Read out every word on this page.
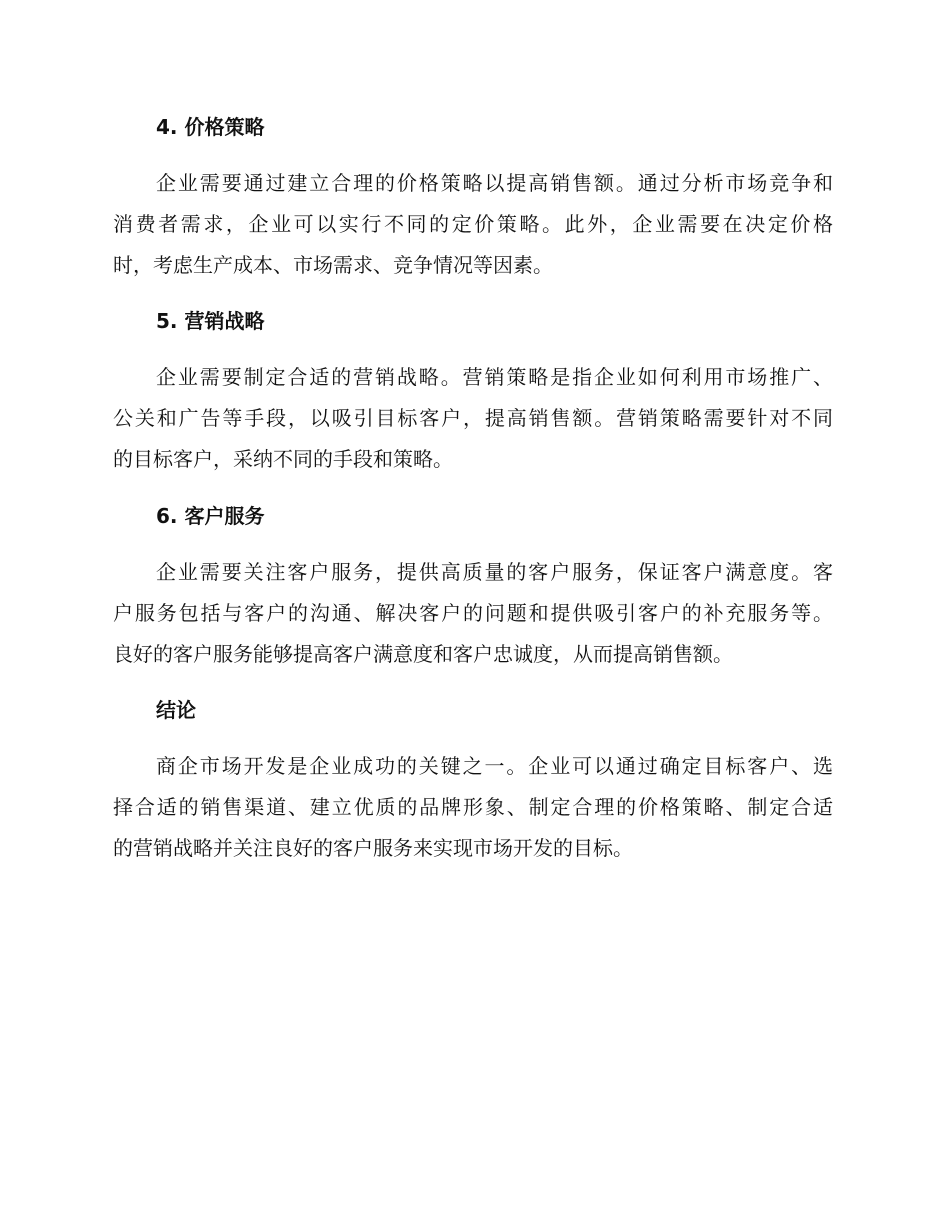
4. 价格策略

企业需要通过建立合理的价格策略以提高销售额。通过分析市场竞争和
消费者需求，企业可以实行不同的定价策略。此外，企业需要在决定价格
时，考虑生产成本、市场需求、竞争情况等因素。

5. 营销战略

企业需要制定合适的营销战略。营销策略是指企业如何利用市场推广、
公关和广告等手段，以吸引目标客户，提高销售额。营销策略需要针对不同
的目标客户，采纳不同的手段和策略。

6. 客户服务

企业需要关注客户服务，提供高质量的客户服务，保证客户满意度。客
户服务包括与客户的沟通、解决客户的问题和提供吸引客户的补充服务等。
良好的客户服务能够提高客户满意度和客户忠诚度，从而提高销售额。

结论

商企市场开发是企业成功的关键之一。企业可以通过确定目标客户、选
择合适的销售渠道、建立优质的品牌形象、制定合理的价格策略、制定合适
的营销战略并关注良好的客户服务来实现市场开发的目标。
